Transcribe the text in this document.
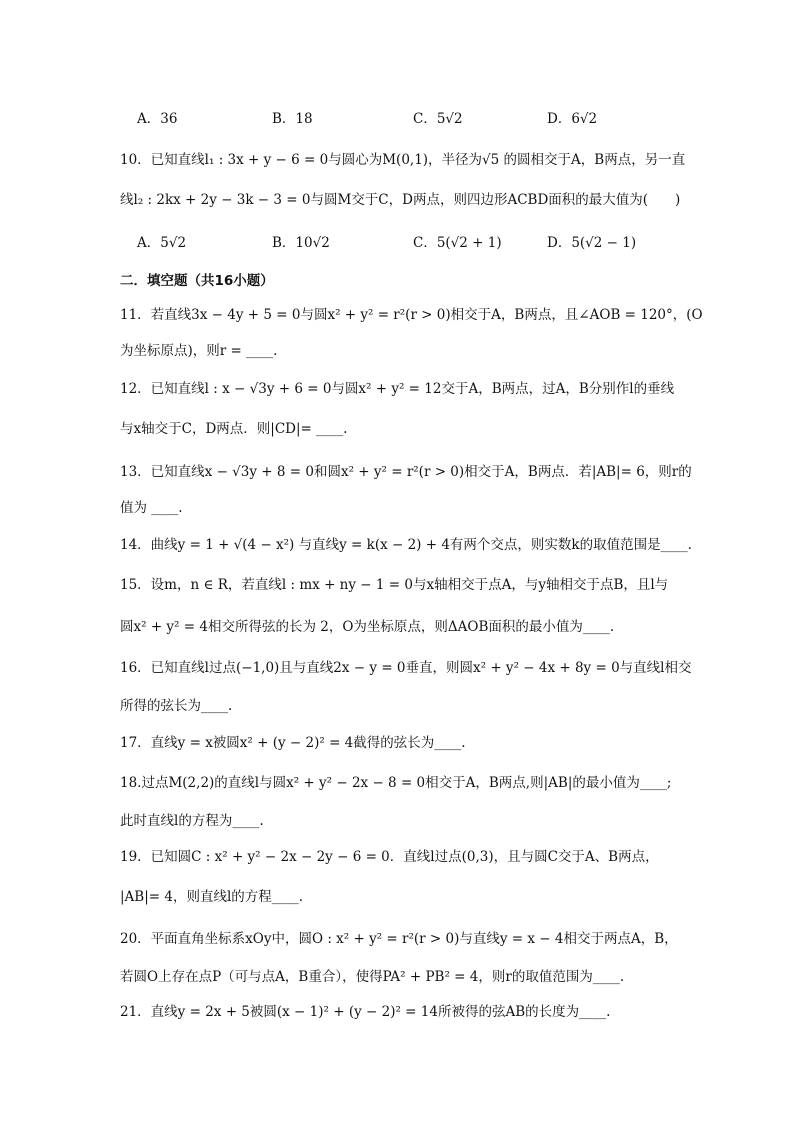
A．36	B．18	C．5√2	D．6√2
10．已知直线l₁ : 3x + y − 6 = 0与圆心为M(0,1)，半径为√5 的圆相交于A，B两点，另一直
线l₂ : 2kx + 2y − 3k − 3 = 0与圆M交于C，D两点，则四边形ACBD面积的最大值为(　　)
A．5√2	B．10√2	C．5(√2 + 1)	D．5(√2 − 1)
二．填空题（共16小题）
11．若直线3x − 4y + 5 = 0与圆x² + y² = r²(r > 0)相交于A，B两点，且∠AOB = 120°，(O
为坐标原点)，则r = ____.
12．已知直线l : x − √3y + 6 = 0与圆x² + y² = 12交于A，B两点，过A，B分别作l的垂线
与x轴交于C，D两点．则|CD|= ____.
13．已知直线x − √3y + 8 = 0和圆x² + y² = r²(r > 0)相交于A，B两点．若|AB|= 6，则r的
值为 ____.
14．曲线y = 1 + √(4 − x²) 与直线y = k(x − 2) + 4有两个交点，则实数k的取值范围是____.
15．设m，n ∈ R，若直线l : mx + ny − 1 = 0与x轴相交于点A，与y轴相交于点B，且l与
圆x² + y² = 4相交所得弦的长为 2，O为坐标原点，则ΔAOB面积的最小值为____.
16．已知直线l过点(−1,0)且与直线2x − y = 0垂直，则圆x² + y² − 4x + 8y = 0与直线l相交
所得的弦长为____.
17．直线y = x被圆x² + (y − 2)² = 4截得的弦长为____.
18.过点M(2,2)的直线l与圆x² + y² − 2x − 8 = 0相交于A，B两点,则|AB|的最小值为____;
此时直线l的方程为____.
19．已知圆C : x² + y² − 2x − 2y − 6 = 0．直线l过点(0,3)，且与圆C交于A、B两点，
|AB|= 4，则直线l的方程____.
20．平面直角坐标系xOy中，圆O : x² + y² = r²(r > 0)与直线y = x − 4相交于两点A，B，
若圆O上存在点P（可与点A，B重合），使得PA² + PB² = 4，则r的取值范围为____.
21．直线y = 2x + 5被圆(x − 1)² + (y − 2)² = 14所被得的弦AB的长度为____.
